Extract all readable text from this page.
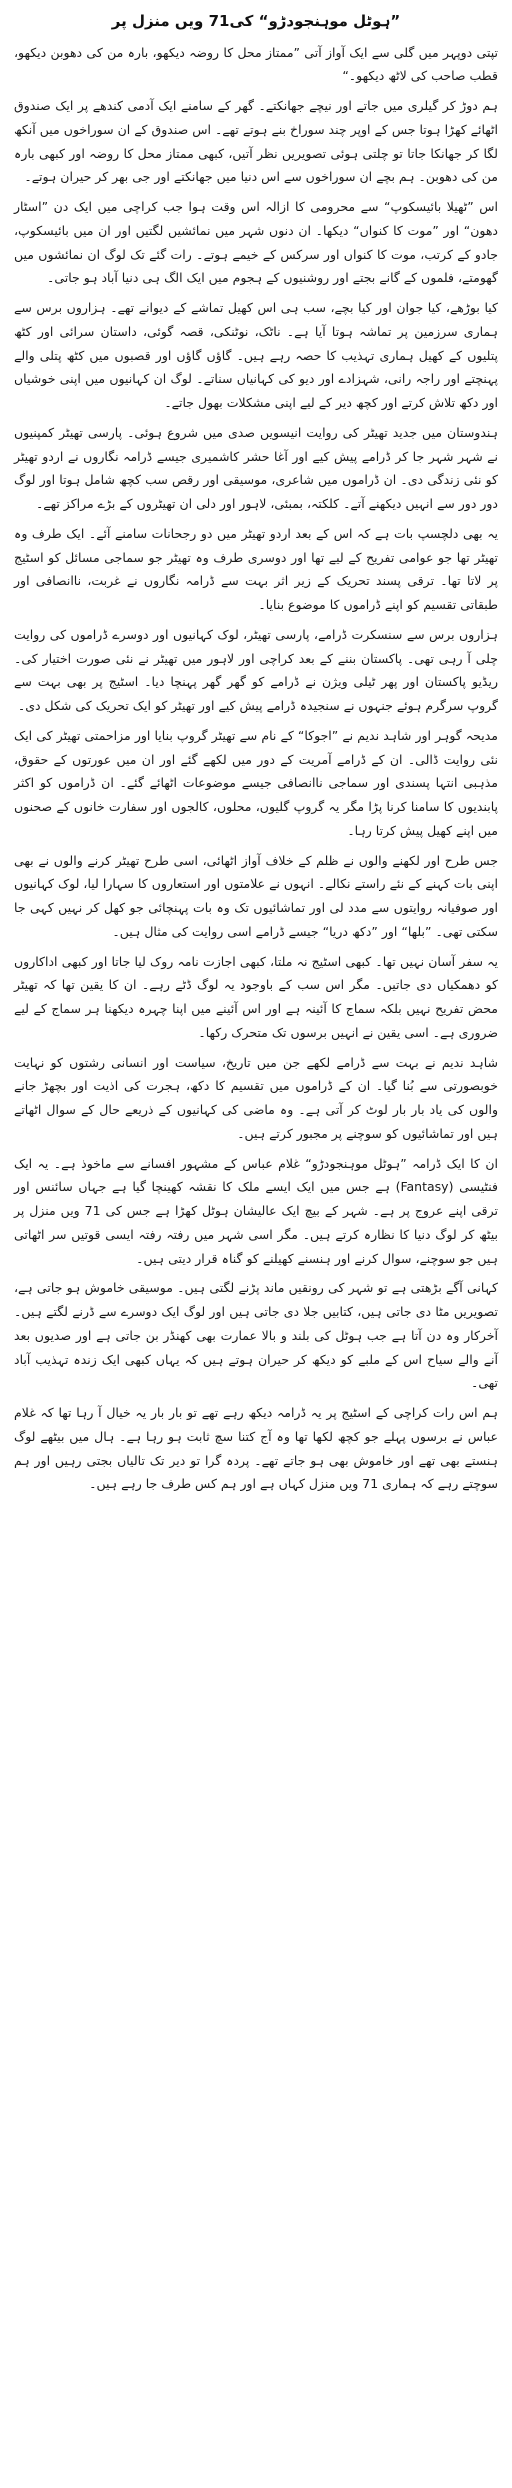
”ہوٹل موہنجودڑو“ کی71 ویں منزل پر

تپتی دوپہر میں گلی سے ایک آواز آتی ”ممتاز محل کا روضہ دیکھو، بارہ من کی دھوبن دیکھو، قطب صاحب کی لاٹھ دیکھو۔“

ہم دوڑ کر گیلری میں جاتے اور نیچے جھانکتے۔ گھر کے سامنے ایک آدمی کندھے پر ایک صندوق اٹھائے کھڑا ہوتا جس کے اوپر چند سوراخ بنے ہوتے تھے۔ اس صندوق کے ان سوراخوں میں آنکھ لگا کر جھانکا جاتا تو چلتی ہوئی تصویریں نظر آتیں، کبھی ممتاز محل کا روضہ اور کبھی بارہ من کی دھوبن۔ ہم بچے ان سوراخوں سے اس دنیا میں جھانکتے اور جی بھر کر حیران ہوتے۔

اس ”ٹھیلا بائیسکوپ“ سے محرومی کا ازالہ اس وقت ہوا جب کراچی میں ایک دن ”اسٹار دھون“ اور ”موت کا کنواں“ دیکھا۔ ان دنوں شہر میں نمائشیں لگتیں اور ان میں بائیسکوپ، جادو کے کرتب، موت کا کنواں اور سرکس کے خیمے ہوتے۔ رات گئے تک لوگ ان نمائشوں میں گھومتے، فلموں کے گانے بجتے اور روشنیوں کے ہجوم میں ایک الگ ہی دنیا آباد ہو جاتی۔

کیا بوڑھے، کیا جوان اور کیا بچے، سب ہی اس کھیل تماشے کے دیوانے تھے۔ ہزاروں برس سے ہماری سرزمین پر تماشہ ہوتا آیا ہے۔ ناٹک، نوٹنکی، قصہ گوئی، داستان سرائی اور کٹھ پتلیوں کے کھیل ہماری تہذیب کا حصہ رہے ہیں۔ گاؤں گاؤں اور قصبوں میں کٹھ پتلی والے پہنچتے اور راجہ رانی، شہزادے اور دیو کی کہانیاں سناتے۔ لوگ ان کہانیوں میں اپنی خوشیاں اور دکھ تلاش کرتے اور کچھ دیر کے لیے اپنی مشکلات بھول جاتے۔

ہندوستان میں جدید تھیٹر کی روایت انیسویں صدی میں شروع ہوئی۔ پارسی تھیٹر کمپنیوں نے شہر شہر جا کر ڈرامے پیش کیے اور آغا حشر کاشمیری جیسے ڈرامہ نگاروں نے اردو تھیٹر کو نئی زندگی دی۔ ان ڈراموں میں شاعری، موسیقی اور رقص سب کچھ شامل ہوتا اور لوگ دور دور سے انہیں دیکھنے آتے۔ کلکتہ، بمبئی، لاہور اور دلی ان تھیٹروں کے بڑے مراکز تھے۔

یہ بھی دلچسپ بات ہے کہ اس کے بعد اردو تھیٹر میں دو رجحانات سامنے آئے۔ ایک طرف وہ تھیٹر تھا جو عوامی تفریح کے لیے تھا اور دوسری طرف وہ تھیٹر جو سماجی مسائل کو اسٹیج پر لاتا تھا۔ ترقی پسند تحریک کے زیر اثر بہت سے ڈرامہ نگاروں نے غربت، ناانصافی اور طبقاتی تقسیم کو اپنے ڈراموں کا موضوع بنایا۔

ہزاروں برس سے سنسکرت ڈرامے، پارسی تھیٹر، لوک کہانیوں اور دوسرے ڈراموں کی روایت چلی آ رہی تھی۔ پاکستان بننے کے بعد کراچی اور لاہور میں تھیٹر نے نئی صورت اختیار کی۔ ریڈیو پاکستان اور پھر ٹیلی ویژن نے ڈرامے کو گھر گھر پہنچا دیا۔ اسٹیج پر بھی بہت سے گروپ سرگرم ہوئے جنہوں نے سنجیدہ ڈرامے پیش کیے اور تھیٹر کو ایک تحریک کی شکل دی۔

مدیحہ گوہر اور شاہد ندیم نے ”اجوکا“ کے نام سے تھیٹر گروپ بنایا اور مزاحمتی تھیٹر کی ایک نئی روایت ڈالی۔ ان کے ڈرامے آمریت کے دور میں لکھے گئے اور ان میں عورتوں کے حقوق، مذہبی انتہا پسندی اور سماجی ناانصافی جیسے موضوعات اٹھائے گئے۔ ان ڈراموں کو اکثر پابندیوں کا سامنا کرنا پڑا مگر یہ گروپ گلیوں، محلوں، کالجوں اور سفارت خانوں کے صحنوں میں اپنے کھیل پیش کرتا رہا۔

جس طرح اور لکھنے والوں نے ظلم کے خلاف آواز اٹھائی، اسی طرح تھیٹر کرنے والوں نے بھی اپنی بات کہنے کے نئے راستے نکالے۔ انہوں نے علامتوں اور استعاروں کا سہارا لیا، لوک کہانیوں اور صوفیانہ روایتوں سے مدد لی اور تماشائیوں تک وہ بات پہنچائی جو کھل کر نہیں کہی جا سکتی تھی۔ ”بلھا“ اور ”دکھ دریا“ جیسے ڈرامے اسی روایت کی مثال ہیں۔

یہ سفر آسان نہیں تھا۔ کبھی اسٹیج نہ ملتا، کبھی اجازت نامہ روک لیا جاتا اور کبھی اداکاروں کو دھمکیاں دی جاتیں۔ مگر اس سب کے باوجود یہ لوگ ڈٹے رہے۔ ان کا یقین تھا کہ تھیٹر محض تفریح نہیں بلکہ سماج کا آئینہ ہے اور اس آئینے میں اپنا چہرہ دیکھنا ہر سماج کے لیے ضروری ہے۔ اسی یقین نے انہیں برسوں تک متحرک رکھا۔

شاہد ندیم نے بہت سے ڈرامے لکھے جن میں تاریخ، سیاست اور انسانی رشتوں کو نہایت خوبصورتی سے بُنا گیا۔ ان کے ڈراموں میں تقسیم کا دکھ، ہجرت کی اذیت اور بچھڑ جانے والوں کی یاد بار بار لوٹ کر آتی ہے۔ وہ ماضی کی کہانیوں کے ذریعے حال کے سوال اٹھاتے ہیں اور تماشائیوں کو سوچنے پر مجبور کرتے ہیں۔

ان کا ایک ڈرامہ ”ہوٹل موہنجودڑو“ غلام عباس کے مشہور افسانے سے ماخوذ ہے۔ یہ ایک فنٹیسی (Fantasy) ہے جس میں ایک ایسے ملک کا نقشہ کھینچا گیا ہے جہاں سائنس اور ترقی اپنے عروج پر ہے۔ شہر کے بیچ ایک عالیشان ہوٹل کھڑا ہے جس کی 71 ویں منزل پر بیٹھ کر لوگ دنیا کا نظارہ کرتے ہیں۔ مگر اسی شہر میں رفتہ رفتہ ایسی قوتیں سر اٹھاتی ہیں جو سوچنے، سوال کرنے اور ہنسنے کھیلنے کو گناہ قرار دیتی ہیں۔

کہانی آگے بڑھتی ہے تو شہر کی رونقیں ماند پڑنے لگتی ہیں۔ موسیقی خاموش ہو جاتی ہے، تصویریں مٹا دی جاتی ہیں، کتابیں جلا دی جاتی ہیں اور لوگ ایک دوسرے سے ڈرنے لگتے ہیں۔ آخرکار وہ دن آتا ہے جب ہوٹل کی بلند و بالا عمارت بھی کھنڈر بن جاتی ہے اور صدیوں بعد آنے والے سیاح اس کے ملبے کو دیکھ کر حیران ہوتے ہیں کہ یہاں کبھی ایک زندہ تہذیب آباد تھی۔

ہم اس رات کراچی کے اسٹیج پر یہ ڈرامہ دیکھ رہے تھے تو بار بار یہ خیال آ رہا تھا کہ غلام عباس نے برسوں پہلے جو کچھ لکھا تھا وہ آج کتنا سچ ثابت ہو رہا ہے۔ ہال میں بیٹھے لوگ ہنستے بھی تھے اور خاموش بھی ہو جاتے تھے۔ پردہ گرا تو دیر تک تالیاں بجتی رہیں اور ہم سوچتے رہے کہ ہماری 71 ویں منزل کہاں ہے اور ہم کس طرف جا رہے ہیں۔
